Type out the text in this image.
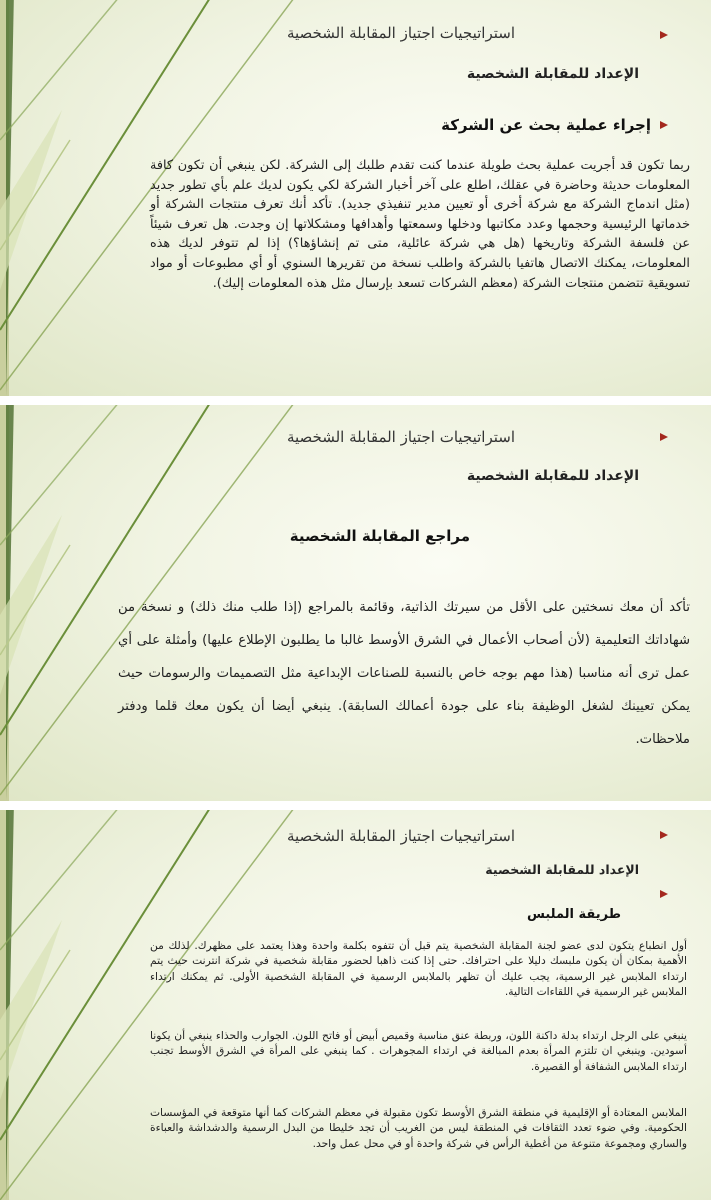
استراتيجيات اجتياز المقابلة الشخصية
الإعداد للمقابلة الشخصية
إجراء عملية بحث عن الشركة
ربما تكون قد أجريت عملية بحث طويلة عندما كنت تقدم طلبك إلى الشركة. لكن ينبغي أن تكون كافة المعلومات حديثة وحاضرة في عقلك، اطلع على آخر أخبار الشركة لكي يكون لديك علم بأي تطور جديد (مثل اندماج الشركة مع شركة أخرى أو تعيين مدير تنفيذي جديد). تأكد أنك تعرف منتجات الشركة أو خدماتها الرئيسية وحجمها وعدد مكاتبها ودخلها وسمعتها وأهدافها ومشكلاتها إن وجدت. هل تعرف شيئاً عن فلسفة الشركة وتاريخها (هل هي شركة عائلية، متى تم إنشاؤها؟) إذا لم تتوفر لديك هذه المعلومات، يمكنك الاتصال هاتفيا بالشركة واطلب نسخة من تقريرها السنوي أو أي مطبوعات أو مواد تسويقية تتضمن منتجات الشركة (معظم الشركات تسعد بإرسال مثل هذه المعلومات إليك).
استراتيجيات اجتياز المقابلة الشخصية
الإعداد للمقابلة الشخصية
مراجع المقابلة الشخصية
تأكد أن معك نسختين على الأقل من سيرتك الذاتية، وقائمة بالمراجع (إذا طلب منك ذلك) و نسخة من شهاداتك التعليمية (لأن أصحاب الأعمال في الشرق الأوسط غالبا ما يطلبون الإطلاع عليها) وأمثلة على أي عمل ترى أنه مناسبا (هذا مهم بوجه خاص بالنسبة للصناعات الإبداعية مثل التصميمات والرسومات حيث يمكن تعيينك لشغل الوظيفة بناء على جودة أعمالك السابقة). ينبغي أيضا أن يكون معك قلما ودفتر ملاحظات.
استراتيجيات اجتياز المقابلة الشخصية
الإعداد للمقابلة الشخصية
طريقة الملبس
أول انطباع يتكون لدى عضو لجنة المقابلة الشخصية يتم قبل أن تتفوه بكلمة واحدة وهذا يعتمد على مظهرك. لذلك من الأهمية بمكان أن يكون ملبسك دليلا على احترافك. حتى إذا كنت ذاهبا لحضور مقابلة شخصية في شركة انترنت حيث يتم ارتداء الملابس غير الرسمية، يجب عليك أن تظهر بالملابس الرسمية في المقابلة الشخصية الأولى. ثم يمكنك ارتداء الملابس غير الرسمية في اللقاءات التالية.
ينبغي على الرجل ارتداء بدلة داكنة اللون، وربطة عنق مناسبة وقميص أبيض أو فاتح اللون. الجوارب والحذاء ينبغي أن يكونا أسودين. وينبغي ان تلتزم المرأة بعدم المبالغة في ارتداء المجوهرات . كما ينبغي على المرأة في الشرق الأوسط تجنب ارتداء الملابس الشفافة أو القصيرة.
الملابس المعتادة أو الإقليمية في منطقة الشرق الأوسط تكون مقبولة في معظم الشركات كما أنها متوقعة في المؤسسات الحكومية. وفي ضوء تعدد الثقافات في المنطقة ليس من الغريب أن تجد خليطا من البدل الرسمية والدشداشة والعباءة والساري ومجموعة متنوعة من أغطية الرأس في شركة واحدة أو في محل عمل واحد.
